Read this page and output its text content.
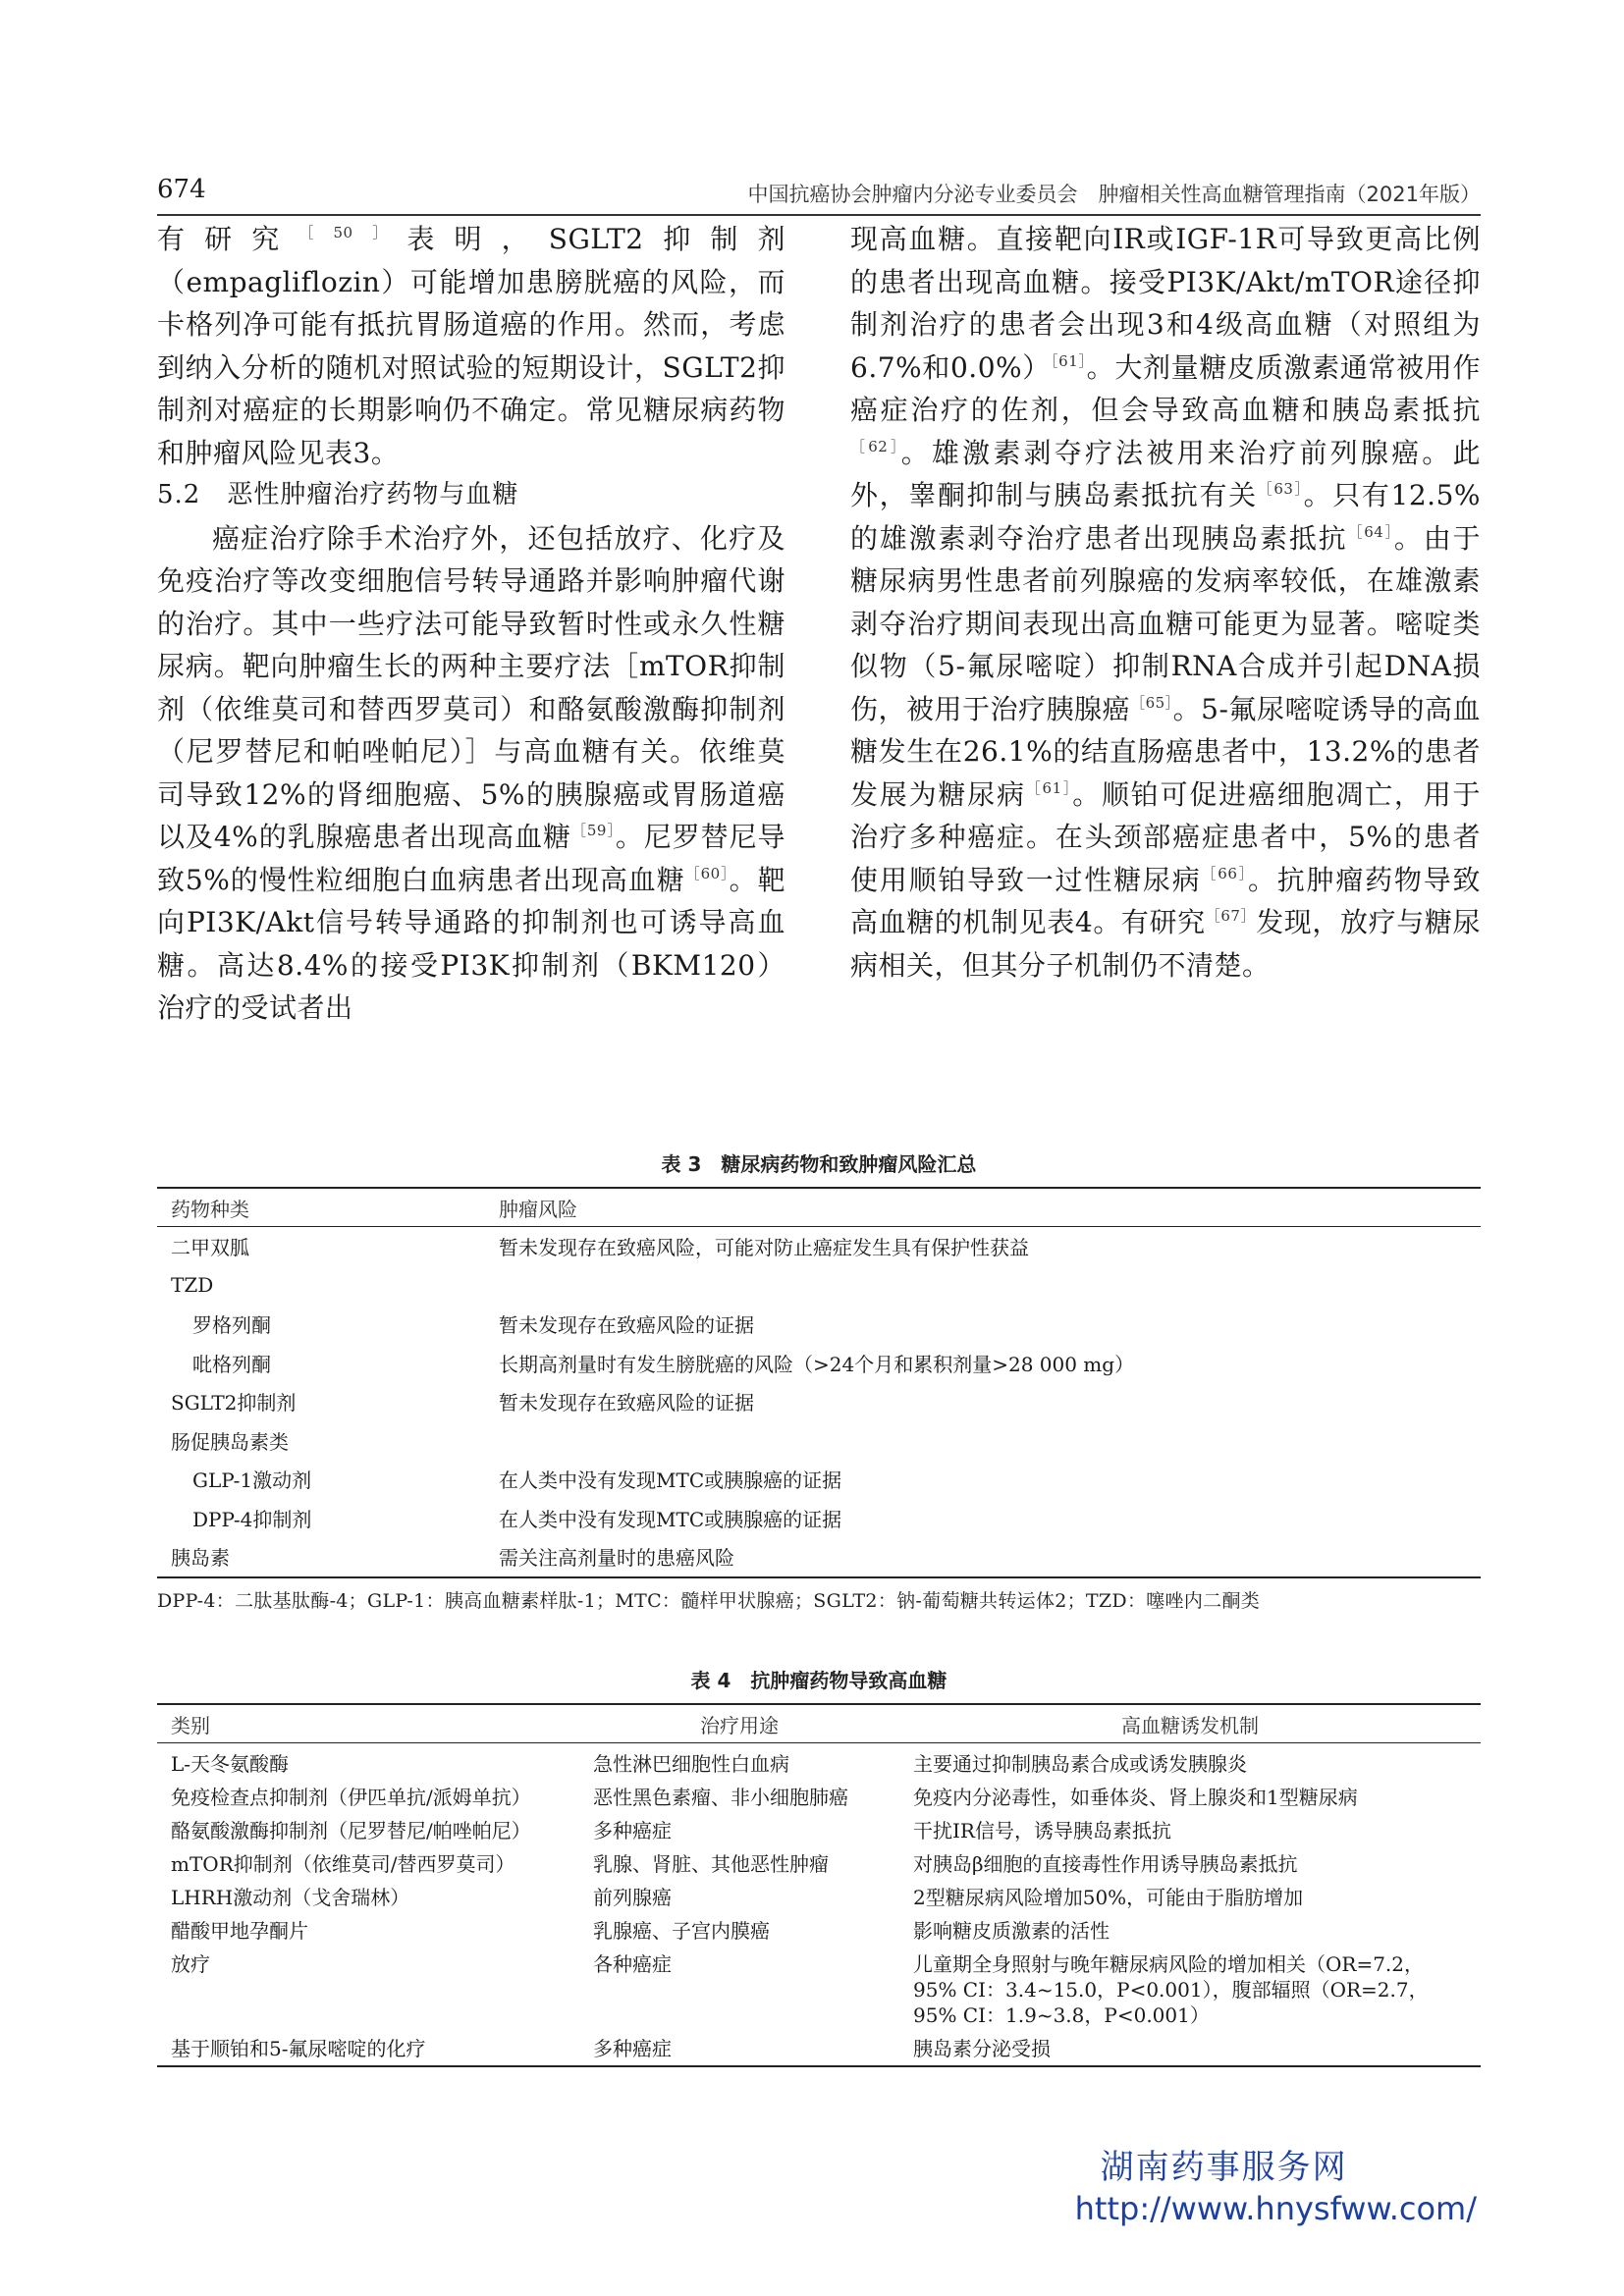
674	中国抗癌协会肿瘤内分泌专业委员会　肿瘤相关性高血糖管理指南（2021年版）

有研究$^{[50]}$表明，SGLT2抑制剂（empagliflozin）可能增加患膀胱癌的风险，而卡格列净可能有抵抗胃肠道癌的作用。然而，考虑到纳入分析的随机对照试验的短期设计，SGLT2抑制剂对癌症的长期影响仍不确定。常见糖尿病药物和肿瘤风险见表3。

5.2　恶性肿瘤治疗药物与血糖

癌症治疗除手术治疗外，还包括放疗、化疗及免疫治疗等改变细胞信号转导通路并影响肿瘤代谢的治疗。其中一些疗法可能导致暂时性或永久性糖尿病。靶向肿瘤生长的两种主要疗法［mTOR抑制剂（依维莫司和替西罗莫司）和酪氨酸激酶抑制剂（尼罗替尼和帕唑帕尼）］与高血糖有关。依维莫司导致12%的肾细胞癌、5%的胰腺癌或胃肠道癌以及4%的乳腺癌患者出现高血糖$^{[59]}$。尼罗替尼导致5%的慢性粒细胞白血病患者出现高血糖$^{[60]}$。靶向PI3K/Akt信号转导通路的抑制剂也可诱导高血糖。高达8.4%的接受PI3K抑制剂（BKM120）治疗的受试者出

现高血糖。直接靶向IR或IGF-1R可导致更高比例的患者出现高血糖。接受PI3K/Akt/mTOR途径抑制剂治疗的患者会出现3和4级高血糖（对照组为6.7%和0.0%）$^{[61]}$。大剂量糖皮质激素通常被用作癌症治疗的佐剂，但会导致高血糖和胰岛素抵抗$^{[62]}$。雄激素剥夺疗法被用来治疗前列腺癌。此外，睾酮抑制与胰岛素抵抗有关$^{[63]}$。只有12.5%的雄激素剥夺治疗患者出现胰岛素抵抗$^{[64]}$。由于糖尿病男性患者前列腺癌的发病率较低，在雄激素剥夺治疗期间表现出高血糖可能更为显著。嘧啶类似物（5-氟尿嘧啶）抑制RNA合成并引起DNA损伤，被用于治疗胰腺癌$^{[65]}$。5-氟尿嘧啶诱导的高血糖发生在26.1%的结直肠癌患者中，13.2%的患者发展为糖尿病$^{[61]}$。顺铂可促进癌细胞凋亡，用于治疗多种癌症。在头颈部癌症患者中，5%的患者使用顺铂导致一过性糖尿病$^{[66]}$。抗肿瘤药物导致高血糖的机制见表4。有研究$^{[67]}$发现，放疗与糖尿病相关，但其分子机制仍不清楚。

表 3　糖尿病药物和致肿瘤风险汇总
药物种类	肿瘤风险
二甲双胍	暂未发现存在致癌风险，可能对防止癌症发生具有保护性获益
TZD	
罗格列酮	暂未发现存在致癌风险的证据
吡格列酮	长期高剂量时有发生膀胱癌的风险（>24个月和累积剂量>28 000 mg）
SGLT2抑制剂	暂未发现存在致癌风险的证据
肠促胰岛素类	
GLP-1激动剂	在人类中没有发现MTC或胰腺癌的证据
DPP-4抑制剂	在人类中没有发现MTC或胰腺癌的证据
胰岛素	需关注高剂量时的患癌风险
DPP-4：二肽基肽酶-4；GLP-1：胰高血糖素样肽-1；MTC：髓样甲状腺癌；SGLT2：钠-葡萄糖共转运体2；TZD：噻唑内二酮类
表 4　抗肿瘤药物导致高血糖
类别	治疗用途	高血糖诱发机制
L-天冬氨酸酶	急性淋巴细胞性白血病	主要通过抑制胰岛素合成或诱发胰腺炎
免疫检查点抑制剂（伊匹单抗/派姆单抗）	恶性黑色素瘤、非小细胞肺癌	免疫内分泌毒性，如垂体炎、肾上腺炎和1型糖尿病
酪氨酸激酶抑制剂（尼罗替尼/帕唑帕尼）	多种癌症	干扰IR信号，诱导胰岛素抵抗
mTOR抑制剂（依维莫司/替西罗莫司）	乳腺、肾脏、其他恶性肿瘤	对胰岛β细胞的直接毒性作用诱导胰岛素抵抗
LHRH激动剂（戈舍瑞林）	前列腺癌	2型糖尿病风险增加50%，可能由于脂肪增加
醋酸甲地孕酮片	乳腺癌、子宫内膜癌	影响糖皮质激素的活性
放疗	各种癌症	儿童期全身照射与晚年糖尿病风险的增加相关（OR=7.2，95% CI：3.4~15.0，P<0.001），腹部辐照（OR=2.7，95% CI：1.9~3.8，P<0.001）
基于顺铂和5-氟尿嘧啶的化疗	多种癌症	胰岛素分泌受损
湖南药事服务网
http://www.hnysfww.com/
